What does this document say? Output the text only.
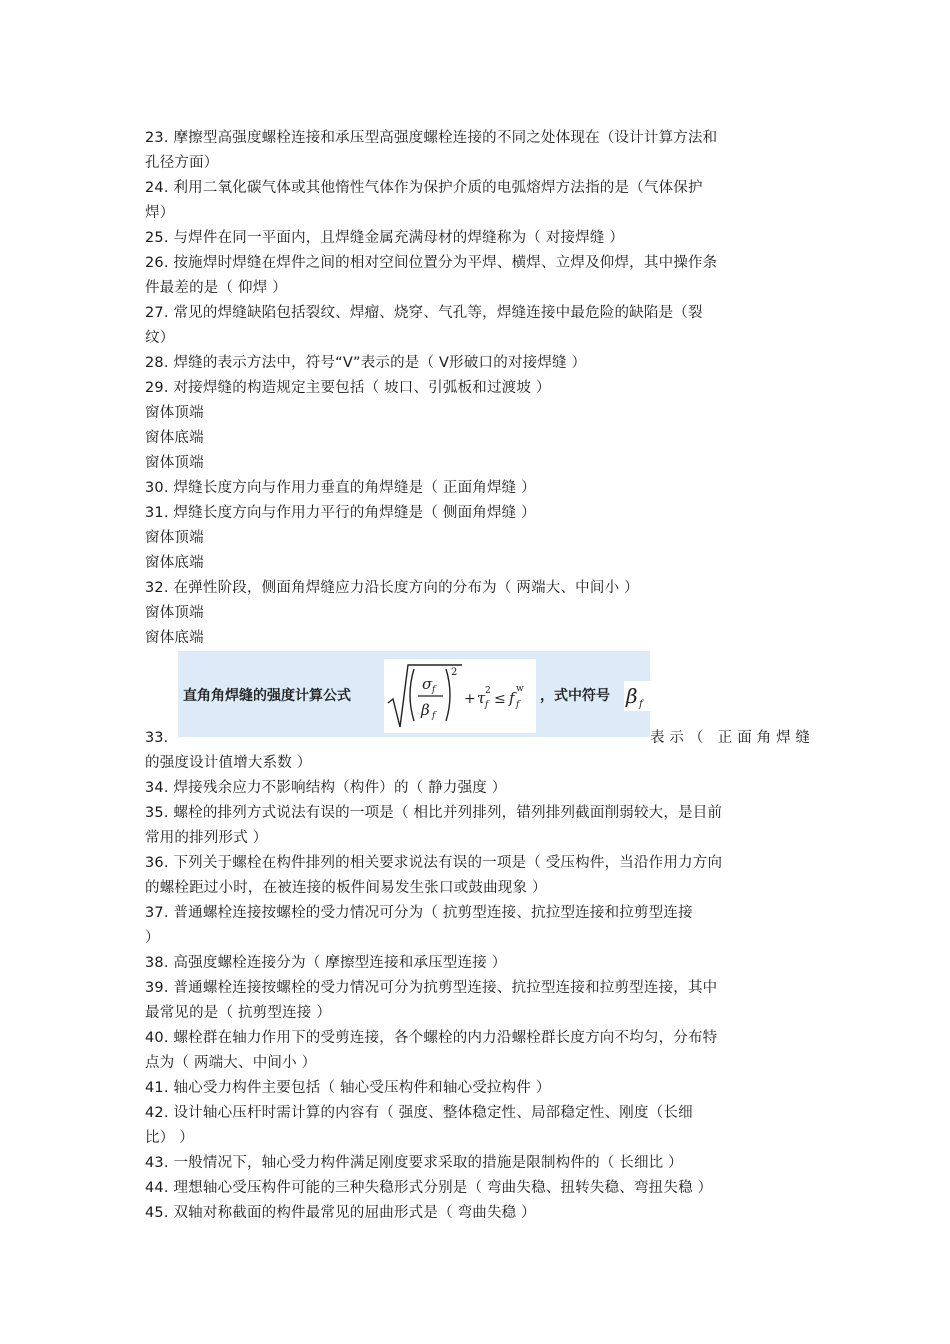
23. 摩擦型高强度螺栓连接和承压型高强度螺栓连接的不同之处体现在（设计计算方法和
孔径方面）
24. 利用二氧化碳气体或其他惰性气体作为保护介质的电弧熔焊方法指的是（气体保护
焊）
25. 与焊件在同一平面内，且焊缝金属充满母材的焊缝称为（ 对接焊缝 ）
26. 按施焊时焊缝在焊件之间的相对空间位置分为平焊、横焊、立焊及仰焊，其中操作条
件最差的是（ 仰焊 ）
27. 常见的焊缝缺陷包括裂纹、焊瘤、烧穿、气孔等，焊缝连接中最危险的缺陷是（裂
纹）
28. 焊缝的表示方法中，符号“V”表示的是（ V形破口的对接焊缝 ）
29. 对接焊缝的构造规定主要包括（ 坡口、引弧板和过渡坡 ）
窗体顶端
窗体底端
窗体顶端
30. 焊缝长度方向与作用力垂直的角焊缝是（ 正面角焊缝 ）
31. 焊缝长度方向与作用力平行的角焊缝是（ 侧面角焊缝 ）
窗体顶端
窗体底端
32. 在弹性阶段，侧面角焊缝应力沿长度方向的分布为（ 两端大、中间小 ）
窗体顶端
窗体底端
33.
直角角焊缝的强度计算公式
σ f
β f
2
+ τ f
2 ≤ f f
w ，式中符号 β f
表示（ 正面角焊缝
的强度设计值增大系数 ）
34. 焊接残余应力不影响结构（构件）的（ 静力强度 ）
35. 螺栓的排列方式说法有误的一项是（ 相比并列排列，错列排列截面削弱较大，是目前
常用的排列形式 ）
36. 下列关于螺栓在构件排列的相关要求说法有误的一项是（ 受压构件，当沿作用力方向
的螺栓距过小时，在被连接的板件间易发生张口或鼓曲现象 ）
37. 普通螺栓连接按螺栓的受力情况可分为（ 抗剪型连接、抗拉型连接和拉剪型连接
）
38. 高强度螺栓连接分为（ 摩擦型连接和承压型连接 ）
39. 普通螺栓连接按螺栓的受力情况可分为抗剪型连接、抗拉型连接和拉剪型连接，其中
最常见的是（ 抗剪型连接 ）
40. 螺栓群在轴力作用下的受剪连接，各个螺栓的内力沿螺栓群长度方向不均匀，分布特
点为（ 两端大、中间小 ）
41. 轴心受力构件主要包括（ 轴心受压构件和轴心受拉构件 ）
42. 设计轴心压杆时需计算的内容有（ 强度、整体稳定性、局部稳定性、刚度（长细
比） ）
43. 一般情况下，轴心受力构件满足刚度要求采取的措施是限制构件的（ 长细比 ）
44. 理想轴心受压构件可能的三种失稳形式分别是（ 弯曲失稳、扭转失稳、弯扭失稳 ）
45. 双轴对称截面的构件最常见的屈曲形式是（ 弯曲失稳 ）
